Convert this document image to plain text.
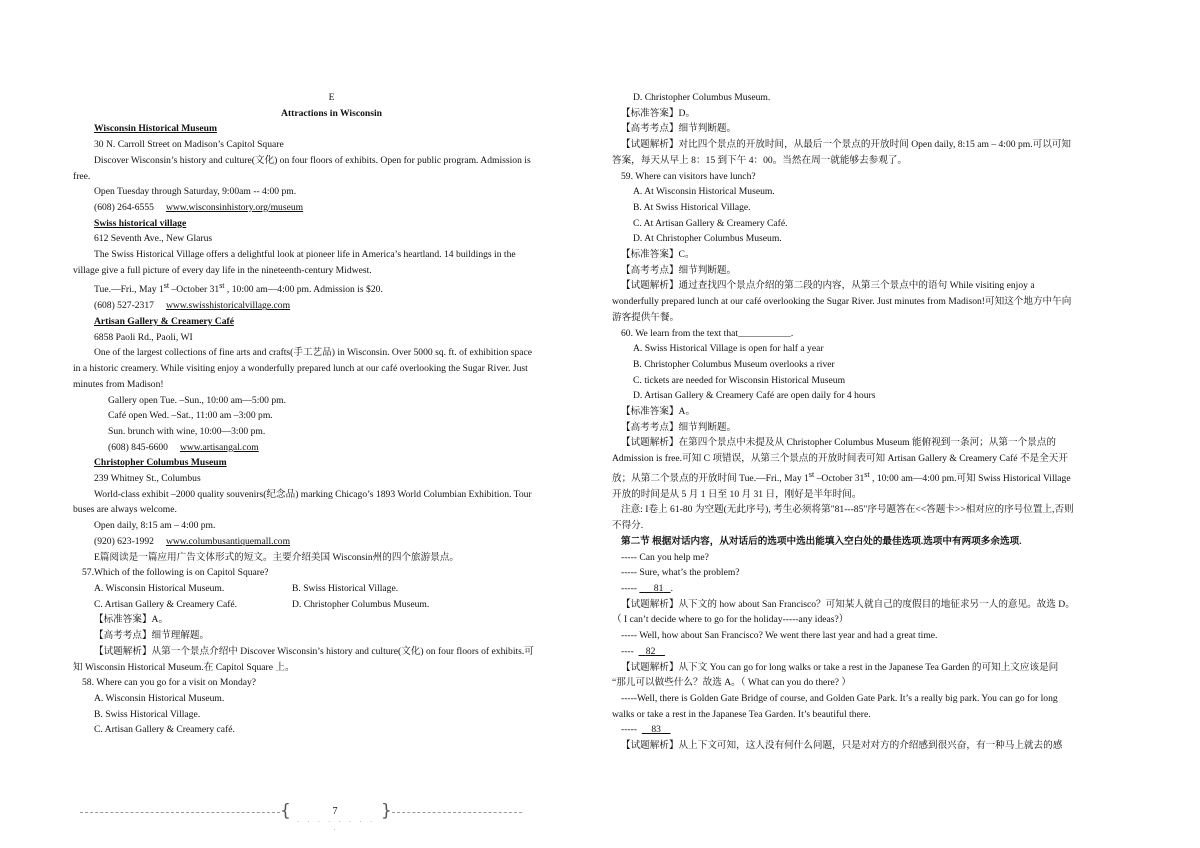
E
Attractions in Wisconsin
Wisconsin Historical Museum
30 N. Carroll Street on Madison’s Capitol Square
Discover Wisconsin’s history and culture(文化) on four floors of exhibits. Open for public program. Admission is
free.
Open Tuesday through Saturday, 9:00am -- 4:00 pm.
(608) 264-6555 www.wisconsinhistory.org/museum
Swiss historical village
612 Seventh Ave., New Glarus
The Swiss Historical Village offers a delightful look at pioneer life in America’s heartland. 14 buildings in the
village give a full picture of every day life in the nineteenth-century Midwest.
Tue.—Fri., May 1st –October 31st , 10:00 am—4:00 pm. Admission is $20.
(608) 527-2317 www.swisshistoricalvillage.com
Artisan Gallery & Creamery Café
6858 Paoli Rd., Paoli, WI
One of the largest collections of fine arts and crafts(手工艺品) in Wisconsin. Over 5000 sq. ft. of exhibition space
in a historic creamery. While visiting enjoy a wonderfully prepared lunch at our café overlooking the Sugar River. Just
minutes from Madison!
Gallery open Tue. –Sun., 10:00 am—5:00 pm.
Café open Wed. –Sat., 11:00 am –3:00 pm.
Sun. brunch with wine, 10:00—3:00 pm.
(608) 845-6600 www.artisangal.com
Christopher Columbus Museum
239 Whitney St., Columbus
World-class exhibit –2000 quality souvenirs(纪念品) marking Chicago’s 1893 World Columbian Exhibition. Tour
buses are always welcome.
Open daily, 8:15 am – 4:00 pm.
(920) 623-1992 www.columbusantiquemall.com
E篇阅读是一篇应用广告文体形式的短文。主要介绍美国 Wisconsin州的四个旅游景点。
57.Which of the following is on Capitol Square?
A. Wisconsin Historical Museum.	B. Swiss Historical Village.
C. Artisan Gallery & Creamery Café.	D. Christopher Columbus Museum.
【标准答案】A。
【高考考点】细节理解题。
【试题解析】从第一个景点介绍中 Discover Wisconsin’s history and culture(文化) on four floors of exhibits.可
知 Wisconsin Historical Museum.在 Capitol Square 上。
58. Where can you go for a visit on Monday?
A. Wisconsin Historical Museum.
B. Swiss Historical Village.
C. Artisan Gallery & Creamery café.
D. Christopher Columbus Museum.
【标准答案】D。
【高考考点】细节判断题。
【试题解析】对比四个景点的开放时间，从最后一个景点的开放时间 Open daily, 8:15 am – 4:00 pm.可以可知
答案，每天从早上 8：15 到下午 4：00。当然在周一就能够去参观了。
59. Where can visitors have lunch?
A. At Wisconsin Historical Museum.
B. At Swiss Historical Village.
C. At Artisan Gallery & Creamery Café.
D. At Christopher Columbus Museum.
【标准答案】C。
【高考考点】细节判断题。
【试题解析】通过查找四个景点介绍的第二段的内容，从第三个景点中的语句 While visiting enjoy a
wonderfully prepared lunch at our café overlooking the Sugar River. Just minutes from Madison!可知这个地方中午向
游客提供午餐。
60. We learn from the text that___________.
A. Swiss Historical Village is open for half a year
B. Christopher Columbus Museum overlooks a river
C. tickets are needed for Wisconsin Historical Museum
D. Artisan Gallery & Creamery Café are open daily for 4 hours
【标准答案】A。
【高考考点】细节判断题。
【试题解析】在第四个景点中未提及从 Christopher Columbus Museum 能俯视到一条河；从第一个景点的
Admission is free.可知 C 项错误，从第三个景点的开放时间表可知 Artisan Gallery & Creamery Café 不是全天开
放；从第二个景点的开放时间 Tue.—Fri., May 1st –October 31st , 10:00 am—4:00 pm.可知 Swiss Historical Village
开放的时间是从 5 月 1 日至 10 月 31 日，刚好是半年时间。
注意: I卷上 61-80 为空题(无此序号), 考生必须将第"81---85"序号题答在<<答题卡>>相对应的序号位置上,否则
不得分.
第二节 根据对话内容，从对话后的选项中选出能填入空白处的最佳选项.选项中有两项多余选项.
----- Can you help me?
----- Sure, what’s the problem?
----- 81 .
【试题解析】从下文的 how about San Francisco？可知某人就自己的度假目的地征求另一人的意见。故选 D。
（ I can’t decide where to go for the holiday-----any ideas?）
----- Well, how about San Francisco? We went there last year and had a great time.
---- 82
【试题解析】从下文 You can go for long walks or take a rest in the Japanese Tea Garden 的可知上文应该是问
“那儿可以做些什么？故选 A。（ What can you do there? ）
-----Well, there is Golden Gate Bridge of course, and Golden Gate Park. It’s a really big park. You can go for long
walks or take a rest in the Japanese Tea Garden. It’s beautiful there.
----- 83
【试题解析】从上下文可知，这人没有何什么问题，只是对对方的介绍感到很兴奋，有一种马上就去的感
{	7
· · · · · · · · ·
}
